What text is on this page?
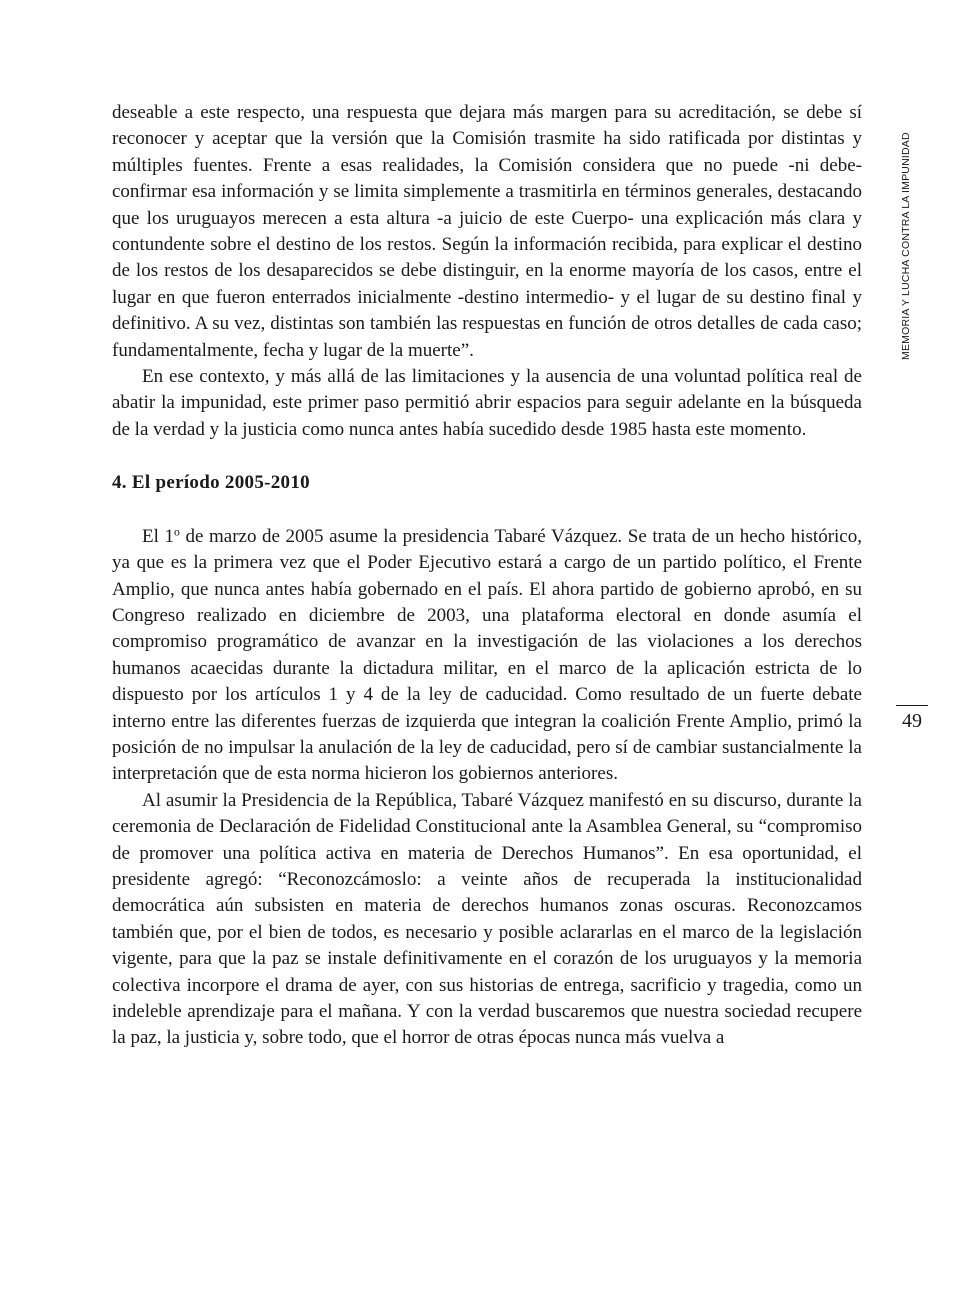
deseable a este respecto, una respuesta que dejara más margen para su acreditación, se debe sí reconocer y aceptar que la versión que la Comisión trasmite ha sido ratificada por distintas y múltiples fuentes. Frente a esas realidades, la Comisión considera que no puede -ni debe- confirmar esa información y se limita simplemente a trasmitirla en términos generales, destacando que los uruguayos merecen a esta altura -a juicio de este Cuerpo- una explicación más clara y contundente sobre el destino de los restos. Según la información recibida, para explicar el destino de los restos de los desaparecidos se debe distinguir, en la enorme mayoría de los casos, entre el lugar en que fueron enterrados inicialmente -destino intermedio- y el lugar de su destino final y definitivo. A su vez, distintas son también las respuestas en función de otros detalles de cada caso; fundamentalmente, fecha y lugar de la muerte”.

En ese contexto, y más allá de las limitaciones y la ausencia de una voluntad política real de abatir la impunidad, este primer paso permitió abrir espacios para seguir adelante en la búsqueda de la verdad y la justicia como nunca antes había sucedido desde 1985 hasta este momento.

4. El período 2005-2010

El 1$^o$ de marzo de 2005 asume la presidencia Tabaré Vázquez. Se trata de un hecho histórico, ya que es la primera vez que el Poder Ejecutivo estará a cargo de un partido político, el Frente Amplio, que nunca antes había gobernado en el país. El ahora partido de gobierno aprobó, en su Congreso realizado en diciembre de 2003, una plataforma electoral en donde asumía el compromiso programático de avanzar en la investigación de las violaciones a los derechos humanos acaecidas durante la dictadura militar, en el marco de la aplicación estricta de lo dispuesto por los artículos 1 y 4 de la ley de caducidad. Como resultado de un fuerte debate interno entre las diferentes fuerzas de izquierda que integran la coalición Frente Amplio, primó la posición de no impulsar la anulación de la ley de caducidad, pero sí de cambiar sustancialmente la interpretación que de esta norma hicieron los gobiernos anteriores.

Al asumir la Presidencia de la República, Tabaré Vázquez manifestó en su discurso, durante la ceremonia de Declaración de Fidelidad Constitucional ante la Asamblea General, su “compromiso de promover una política activa en materia de Derechos Humanos”. En esa oportunidad, el presidente agregó: “Reconozcámoslo: a veinte años de recuperada la institucionalidad democrática aún subsisten en materia de derechos humanos zonas oscuras. Reconozcamos también que, por el bien de todos, es necesario y posible aclararlas en el marco de la legislación vigente, para que la paz se instale definitivamente en el corazón de los uruguayos y la memoria colectiva incorpore el drama de ayer, con sus historias de entrega, sacrificio y tragedia, como un indeleble aprendizaje para el mañana. Y con la verdad buscaremos que nuestra sociedad recupere la paz, la justicia y, sobre todo, que el horror de otras épocas nunca más vuelva a

MEMORIA Y LUCHA CONTRA LA IMPUNIDAD
49
